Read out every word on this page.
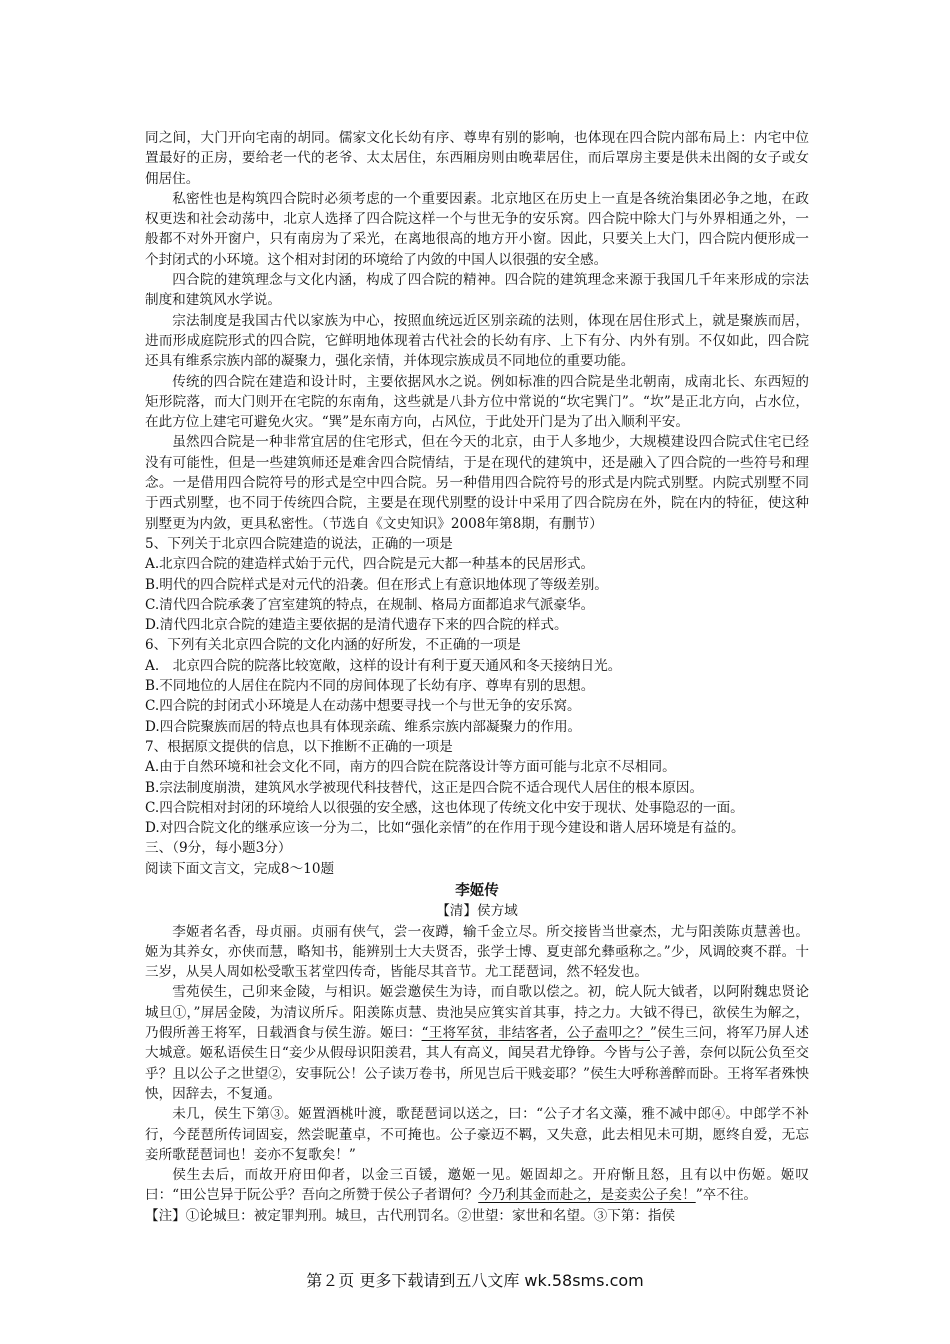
同之间，大门开向宅南的胡同。儒家文化长幼有序、尊卑有别的影响，也体现在四合院内部布局上：内宅中位置最好的正房，要给老一代的老爷、太太居住，东西厢房则由晚辈居住，而后罩房主要是供未出阁的女子或女佣居住。

私密性也是构筑四合院时必须考虑的一个重要因素。北京地区在历史上一直是各统治集团必争之地，在政权更迭和社会动荡中，北京人选择了四合院这样一个与世无争的安乐窝。四合院中除大门与外界相通之外，一般都不对外开窗户，只有南房为了采光，在离地很高的地方开小窗。因此，只要关上大门，四合院内便形成一个封闭式的小环境。这个相对封闭的环境给了内敛的中国人以很强的安全感。

四合院的建筑理念与文化内涵，构成了四合院的精神。四合院的建筑理念来源于我国几千年来形成的宗法制度和建筑风水学说。

宗法制度是我国古代以家族为中心，按照血统远近区别亲疏的法则，体现在居住形式上，就是聚族而居，进而形成庭院形式的四合院，它鲜明地体现着古代社会的长幼有序、上下有分、内外有别。不仅如此，四合院还具有维系宗族内部的凝聚力，强化亲情，并体现宗族成员不同地位的重要功能。

传统的四合院在建造和设计时，主要依据风水之说。例如标准的四合院是坐北朝南，成南北长、东西短的矩形院落，而大门则开在宅院的东南角，这些就是八卦方位中常说的“坎宅巽门”。“坎”是正北方向，占水位，在此方位上建宅可避免火灾。“巽”是东南方向，占风位，于此处开门是为了出入顺利平安。

虽然四合院是一种非常宜居的住宅形式，但在今天的北京，由于人多地少，大规模建设四合院式住宅已经没有可能性，但是一些建筑师还是难舍四合院情结，于是在现代的建筑中，还是融入了四合院的一些符号和理念。一是借用四合院符号的形式是空中四合院。另一种借用四合院符号的形式是内院式别墅。内院式别墅不同于西式别墅，也不同于传统四合院，主要是在现代别墅的设计中采用了四合院房在外，院在内的特征，使这种别墅更为内敛，更具私密性。（节选自《文史知识》2008年第8期，有删节）

5、下列关于北京四合院建造的说法，正确的一项是

A.北京四合院的建造样式始于元代，四合院是元大都一种基本的民居形式。

B.明代的四合院样式是对元代的沿袭。但在形式上有意识地体现了等级差别。

C.清代四合院承袭了宫室建筑的特点，在规制、格局方面都追求气派豪华。

D.清代四北京合院的建造主要依据的是清代遗存下来的四合院的样式。

6、下列有关北京四合院的文化内涵的好所发，不正确的一项是

A.　北京四合院的院落比较宽敞，这样的设计有利于夏天通风和冬天接纳日光。

B.不同地位的人居住在院内不同的房间体现了长幼有序、尊卑有别的思想。

C.四合院的封闭式小环境是人在动荡中想要寻找一个与世无争的安乐窝。

D.四合院聚族而居的特点也具有体现亲疏、维系宗族内部凝聚力的作用。

7、根据原文提供的信息，以下推断不正确的一项是

A.由于自然环境和社会文化不同，南方的四合院在院落设计等方面可能与北京不尽相同。

B.宗法制度崩溃，建筑风水学被现代科技替代，这正是四合院不适合现代人居住的根本原因。

C.四合院相对封闭的环境给人以很强的安全感，这也体现了传统文化中安于现状、处事隐忍的一面。

D.对四合院文化的继承应该一分为二，比如“强化亲情”的在作用于现今建设和谐人居环境是有益的。

三、（9分，每小题3分）

阅读下面文言文，完成8～10题

李姬传

【清】侯方域

李姬者名香，母贞丽。贞丽有侠气，尝一夜蹲，输千金立尽。所交接皆当世豪杰，尤与阳羡陈贞慧善也。姬为其养女，亦侠而慧，略知书，能辨别士大夫贤否，张学士博、夏吏部允彝亟称之。”少，风调皎爽不群。十三岁，从吴人周如松受歌玉茗堂四传奇，皆能尽其音节。尤工琵琶词，然不轻发也。

雪苑侯生，己卯来金陵，与相识。姬尝邀侯生为诗，而自歌以偿之。初，皖人阮大钺者，以阿附魏忠贤论城旦①，”屏居金陵，为清议所斥。阳羡陈贞慧、贵池吴应箕实首其事，持之力。大钺不得已，欲侯生为解之，乃假所善王将军，日载酒食与侯生游。姬曰：“王将军贫，非结客者，公子盍叩之？”侯生三问，将军乃屏人述大城意。姬私语侯生日“妾少从假母识阳羡君，其人有高义，闻吴君尤铮铮。今皆与公子善，奈何以阮公负至交乎？且以公子之世望②，安事阮公！公子读万卷书，所见岂后干贱妾耶？”侯生大呼称善醉而卧。王将军者殊怏怏，因辞去，不复通。

未几，侯生下第③。姬置酒桃叶渡，歌琵琶词以送之，曰：“公子才名文藻，雅不减中郎④。中郎学不补行，今琵琶所传词固妄，然尝昵董卓，不可掩也。公子豪迈不羁，又失意，此去相见未可期，愿终自爱，无忘妾所歌琵琶词也！妾亦不复歌矣！”

侯生去后，而故开府田仰者，以金三百锾，邀姬一见。姬固却之。开府惭且怒，且有以中伤姬。姬叹曰：“田公岂异于阮公乎？吾向之所赞于侯公子者谓何？今乃利其金而赴之，是妾卖公子矣！”卒不往。

【注】①论城旦：被定罪判刑。城旦，古代刑罚名。②世望：家世和名望。③下第：指侯

第２页 更多下载请到五八文库 wk.58sms.com
